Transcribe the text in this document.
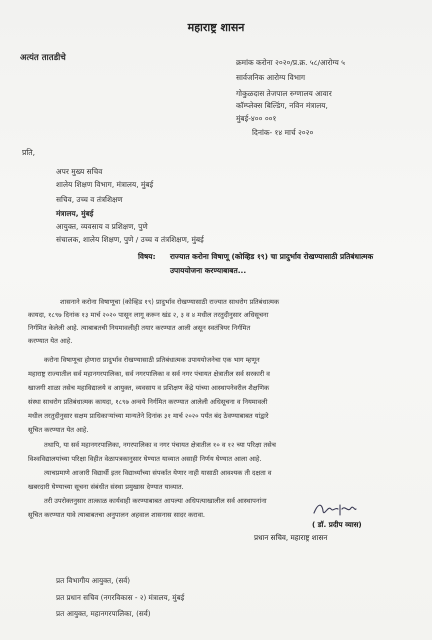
महाराष्ट्र शासन
अत्यंत तातडीचे	क्रमांक करोना २०२०/प्र.क्र. ५८/आरोग्य ५
सार्वजनिक आरोग्य विभाग
गोकुळदास तेजपाल रुग्णालय आवार
कॉम्प्लेक्स बिल्डिंग, नविन मंत्रालय,
मुंबई-४०० ००१
दिनांक- १४ मार्च २०२०
प्रति,
अपर मुख्य सचिव
शालेय शिक्षण विभाग, मंत्रालय, मुंबई
सचिव, उच्च व तंत्रशिक्षण
मंत्रालय, मुंबई
आयुक्त, व्यवसाय व प्रशिक्षण, पुणे
संचालक, शालेय शिक्षण, पुणे / उच्च व तंत्रशिक्षण, मुंबई
विषय: राज्यात करोना विषाणू (कोव्हिड १९) चा प्रादुर्भाव रोखण्यासाठी प्रतिबंधात्मक
उपाययोजना करण्याबाबत...
शासनाने करोना विषाणूचा (कोव्हिड १९) प्रादुर्भाव रोखण्यासाठी राज्यात साथरोग प्रतिबंधात्मक
कायदा, १८९७ दिनांक १३ मार्च २०२० पासून लागू करून खंड २, ३ व ४ मधील तरतुदीनुसार अधिसूचना
निर्गमित केलेली आहे. त्याबाबतची नियमावलीही तयार करण्यात आली असून स्वतंत्रियर निर्गमित
करण्यात येत आहे.
करोना विषाणूचा होणारा प्रादुर्भाव रोखण्यासाठी प्रतिबंधात्मक उपाययोजनेचा एक भाग म्हणून
महाराष्ट्र राज्यातील सर्व महानगरपालिका, सर्व नगरपालिका व सर्व नगर पंचायत क्षेत्रातील सर्व सरकारी व
खाजगी शाळा तसेच महाविद्यालये व आयुक्त, व्यवसाय व प्रशिक्षण केंद्रे यांच्या आस्थापनेवरील शैक्षणिक
संस्था साथरोग प्रतिबंधात्मक कायदा, १८९७ अन्वये निर्गमित करण्यात आलेली अधिसूचना व नियमावली
मधील तरतुदीनुसार सक्षम प्राधिकाऱ्यांच्या मान्यतेने दिनांक ३१ मार्च २०२० पर्यंत बंद ठेवण्याबाबत यांद्वारे
सूचित करण्यात येत आहे.
तथापि, या सर्व महानगरपालिका, नगरपालिका व नगर पंचायत क्षेत्रातील १० व १२ च्या परिक्षा तसेच
विश्वविद्यालयांच्या परिक्षा विहीत वेळापत्रकानुसार घेण्यात याव्यात असाही निर्णय घेण्यात आला आहे.
त्याचप्रमाणे आजारी विद्यार्थी इतर विद्यार्थ्यांच्या संपर्कात येणार नाही यासाठी आवश्यक ती दक्षता व
खबरदारी घेण्याच्या सूचना संबंधीत संस्था प्रमुखास देण्यात याव्यात.
तरी उपरोक्तनुसार तात्काळ कार्यवाही करण्याबाबत आपल्या अधिपत्याखालील सर्व आस्थापनांना
सूचित करण्यात यावे त्याबाबतचा अनुपालन अहवाल शासनास सादर करावा.
( डॉ. प्रदीप व्यास)
प्रधान सचिव, महाराष्ट्र शासन
प्रत विभागीय आयुक्त, (सर्व)
प्रत प्रधान सचिव (नगरविकास - २) मंत्रालय, मुंबई
प्रत आयुक्त, महानगरपालिका, (सर्व)
